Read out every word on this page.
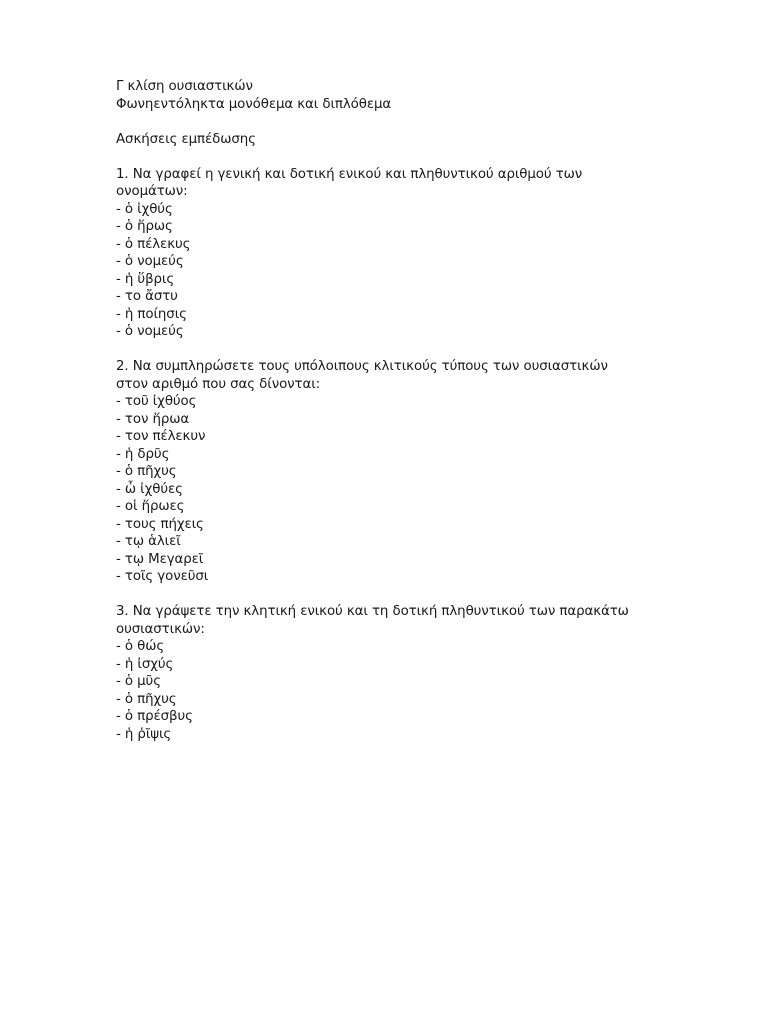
Γ κλίση ουσιαστικών

Φωνηεντόληκτα μονόθεμα και διπλόθεμα

Ασκήσεις εμπέδωσης

1. Να γραφεί η γενική και δοτική ενικού και πληθυντικού αριθμού των

ονομάτων:

- ὁ ἰχθύς
- ὁ ἥρως
- ὁ πέλεκυς
- ὁ νομεύς
- ἡ ὕβρις
- το ἄστυ
- ἡ ποίησις
- ὁ νομεύς

2. Να συμπληρώσετε τους υπόλοιπους κλιτικούς τύπους των ουσιαστικών

στον αριθμό που σας δίνονται:

- τοῦ ἰχθύος
- τον ἥρωα
- τον πέλεκυν
- ἡ δρῦς
- ὁ πῆχυς
- ὦ ἰχθύες
- οἱ ἥρωες
- τους πήχεις
- τῳ ἁλιεῖ
- τῳ Μεγαρεῖ
- τοῖς γονεῦσι

3. Να γράψετε την κλητική ενικού και τη δοτική πληθυντικού των παρακάτω

ουσιαστικών:

- ὁ θώς
- ἡ ἰσχύς
- ὁ μῦς
- ὁ πῆχυς
- ὁ πρέσβυς
- ἡ ῥῖψις
